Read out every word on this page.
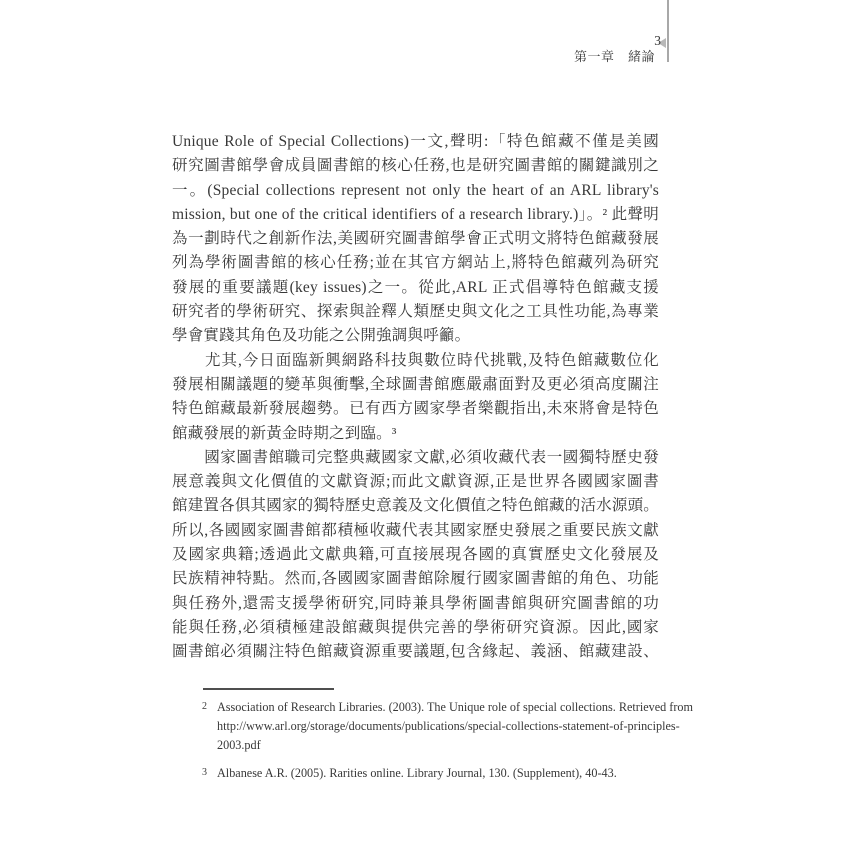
3
第一章　緒論
Unique Role of Special Collections)一文,聲明:「特色館藏不僅是美國
研究圖書館學會成員圖書館的核心任務,也是研究圖書館的關鍵識別之
一。(Special collections represent not only the heart of an ARL library's
mission, but one of the critical identifiers of a research library.)」。² 此聲明
為一劃時代之創新作法,美國研究圖書館學會正式明文將特色館藏發展
列為學術圖書館的核心任務;並在其官方網站上,將特色館藏列為研究
發展的重要議題(key issues)之一。從此,ARL 正式倡導特色館藏支援
研究者的學術研究、探索與詮釋人類歷史與文化之工具性功能,為專業
學會實踐其角色及功能之公開強調與呼籲。
　　尤其,今日面臨新興網路科技與數位時代挑戰,及特色館藏數位化
發展相關議題的變革與衝擊,全球圖書館應嚴肅面對及更必須高度關注
特色館藏最新發展趨勢。已有西方國家學者樂觀指出,未來將會是特色
館藏發展的新黃金時期之到臨。³
　　國家圖書館職司完整典藏國家文獻,必須收藏代表一國獨特歷史發
展意義與文化價值的文獻資源;而此文獻資源,正是世界各國國家圖書
館建置各俱其國家的獨特歷史意義及文化價值之特色館藏的活水源頭。
所以,各國國家圖書館都積極收藏代表其國家歷史發展之重要民族文獻
及國家典籍;透過此文獻典籍,可直接展現各國的真實歷史文化發展及
民族精神特點。然而,各國國家圖書館除履行國家圖書館的角色、功能
與任務外,還需支援學術研究,同時兼具學術圖書館與研究圖書館的功
能與任務,必須積極建設館藏與提供完善的學術研究資源。因此,國家
圖書館必須關注特色館藏資源重要議題,包含緣起、義涵、館藏建設、
2 Association of Research Libraries. (2003). The Unique role of special collections. Retrieved from
http://www.arl.org/storage/documents/publications/special-collections-statement-of-principles-
2003.pdf
3 Albanese A.R. (2005). Rarities online. Library Journal, 130. (Supplement), 40-43.
